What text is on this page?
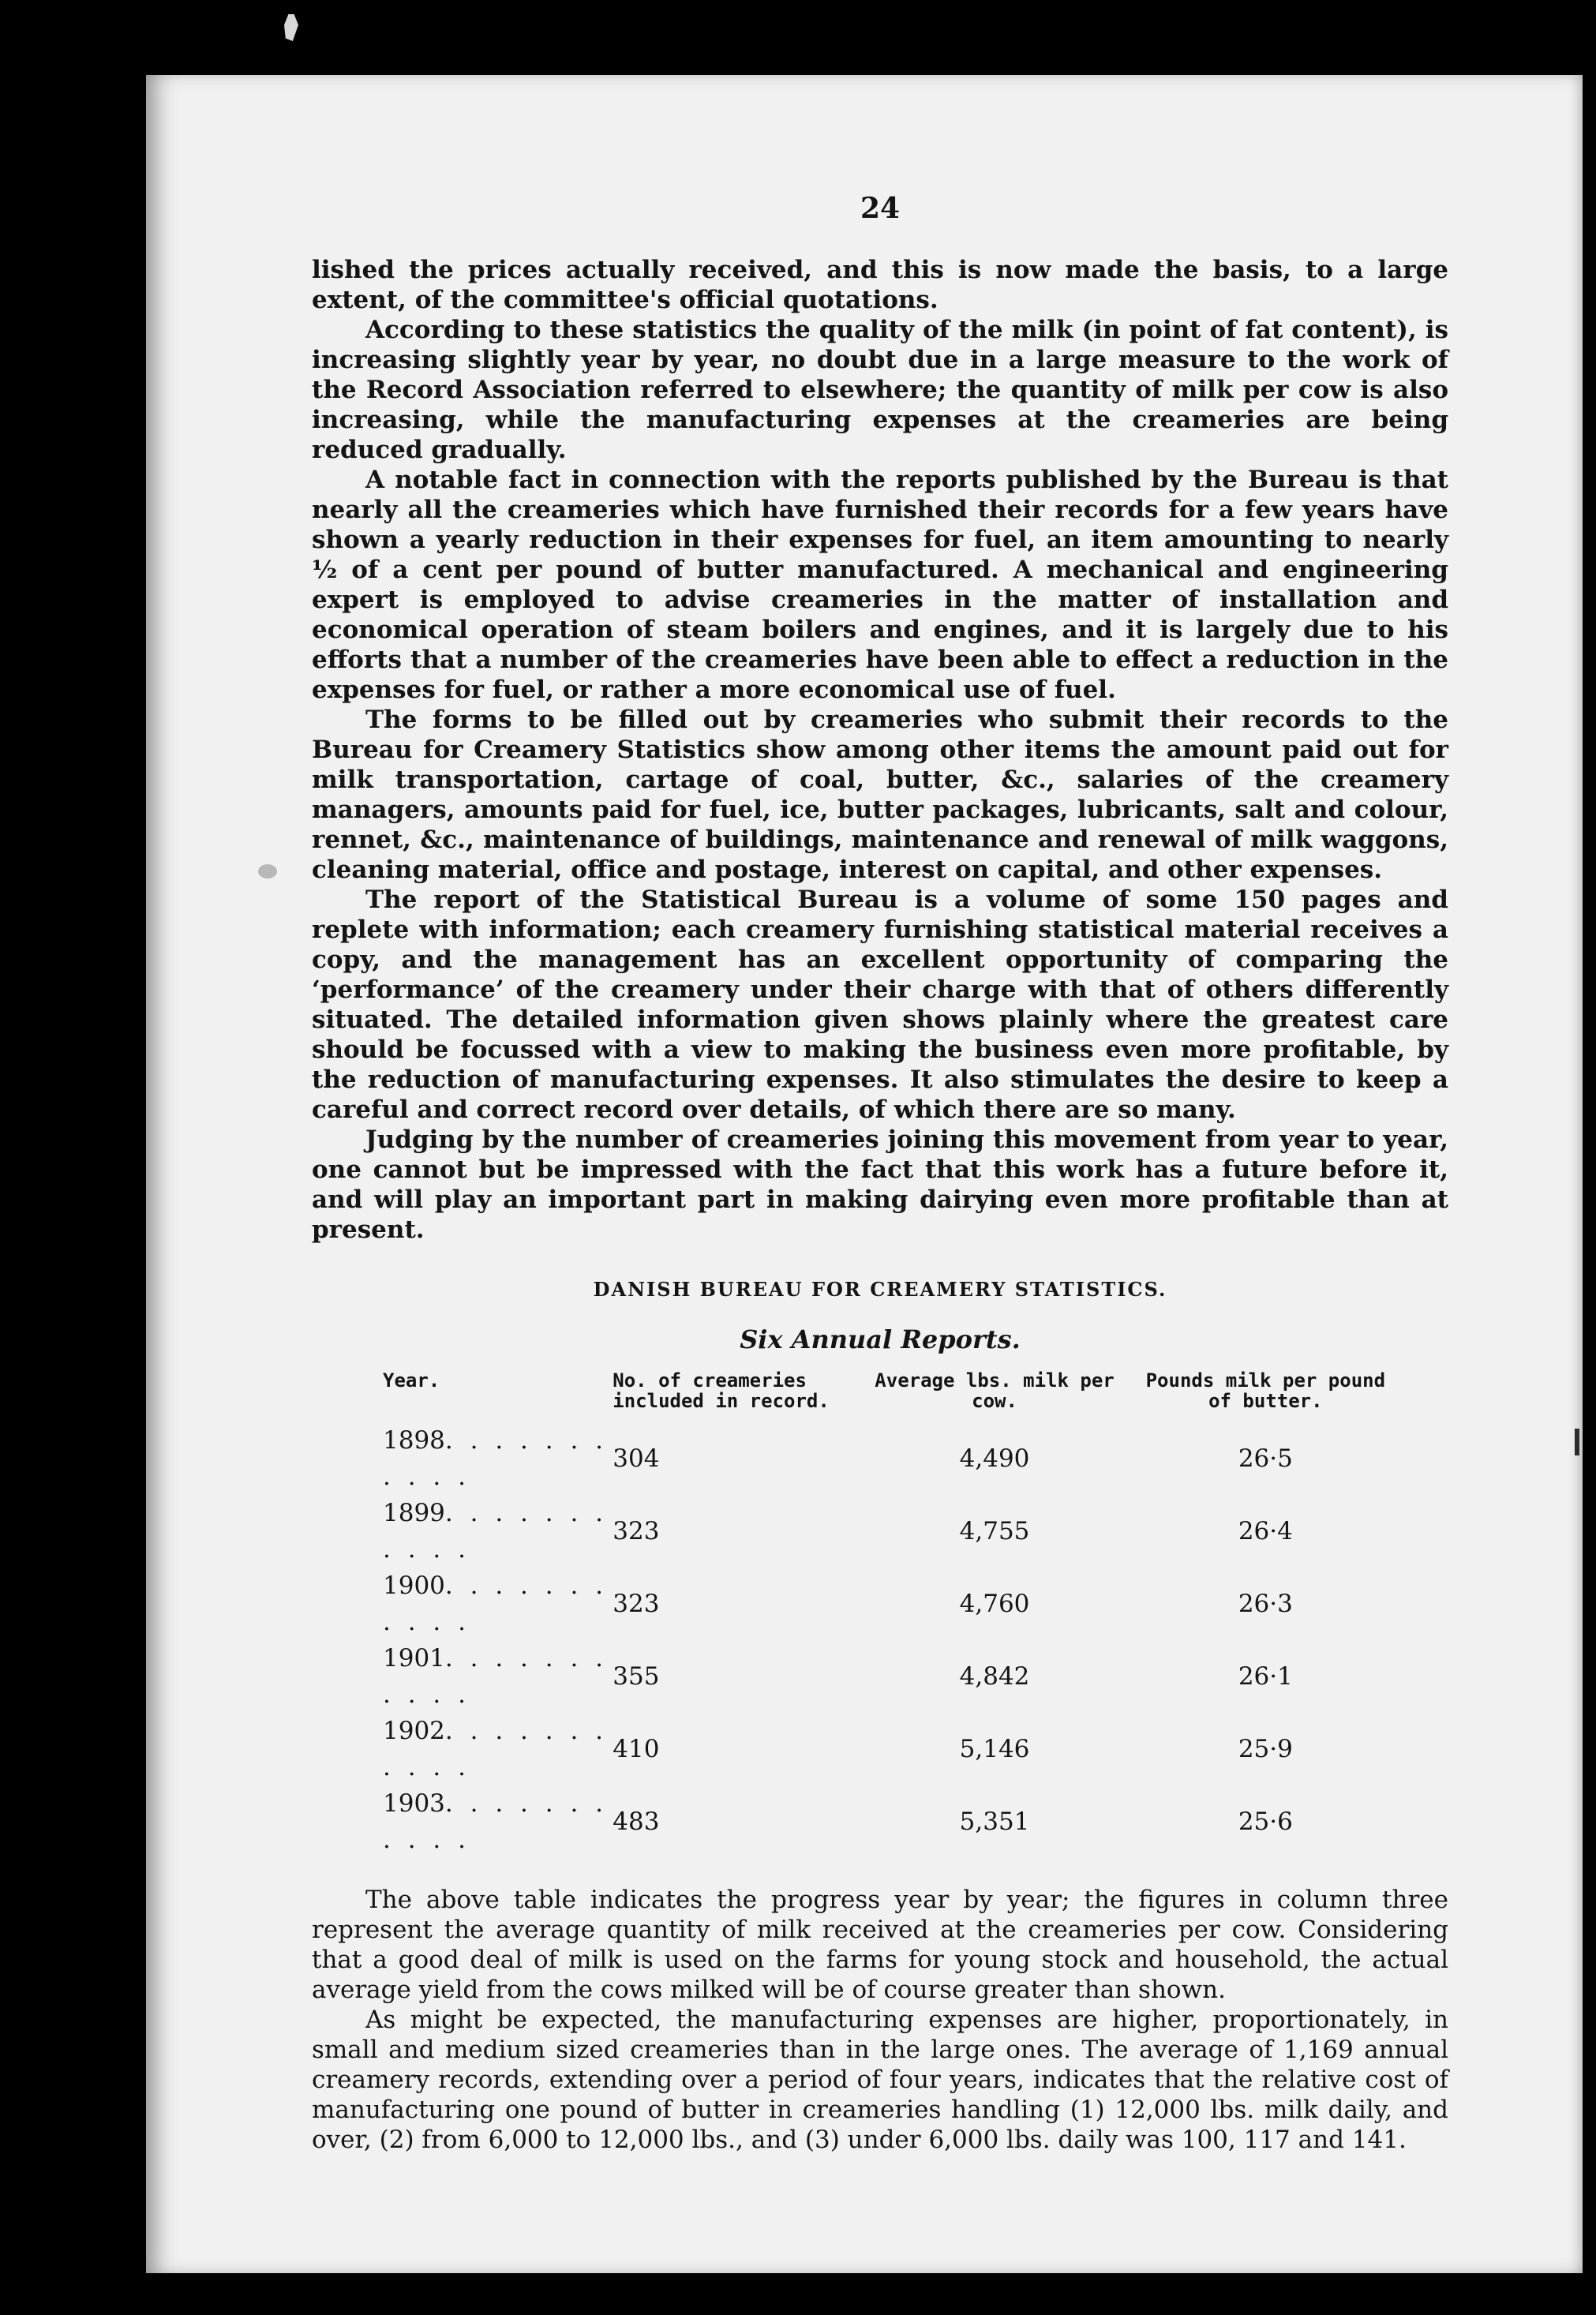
24

lished the prices actually received, and this is now made the basis, to a large extent, of the committee's official quotations.

According to these statistics the quality of the milk (in point of fat content), is increasing slightly year by year, no doubt due in a large measure to the work of the Record Association referred to elsewhere; the quantity of milk per cow is also increasing, while the manufacturing expenses at the creameries are being reduced gradually.

A notable fact in connection with the reports published by the Bureau is that nearly all the creameries which have furnished their records for a few years have shown a yearly reduction in their expenses for fuel, an item amounting to nearly ½ of a cent per pound of butter manufactured. A mechanical and engineering expert is employed to advise creameries in the matter of installation and economical operation of steam boilers and engines, and it is largely due to his efforts that a number of the creameries have been able to effect a reduction in the expenses for fuel, or rather a more economical use of fuel.

The forms to be filled out by creameries who submit their records to the Bureau for Creamery Statistics show among other items the amount paid out for milk transportation, cartage of coal, butter, &c., salaries of the creamery managers, amounts paid for fuel, ice, butter packages, lubricants, salt and colour, rennet, &c., maintenance of buildings, maintenance and renewal of milk waggons, cleaning material, office and postage, interest on capital, and other expenses.

The report of the Statistical Bureau is a volume of some 150 pages and replete with information; each creamery furnishing statistical material receives a copy, and the management has an excellent opportunity of comparing the ‘performance’ of the creamery under their charge with that of others differently situated. The detailed information given shows plainly where the greatest care should be focussed with a view to making the business even more profitable, by the reduction of manufacturing expenses. It also stimulates the desire to keep a careful and correct record over details, of which there are so many.

Judging by the number of creameries joining this movement from year to year, one cannot but be impressed with the fact that this work has a future before it, and will play an important part in making dairying even more profitable than at present.

DANISH BUREAU FOR CREAMERY STATISTICS.
Six Annual Reports.
Year.	No. of creameries included in record.	Average lbs. milk per cow.	Pounds milk per pound of butter.
1898. . . . . . . . . . .	304	4,490	26·5
1899. . . . . . . . . . .	323	4,755	26·4
1900. . . . . . . . . . .	323	4,760	26·3
1901. . . . . . . . . . .	355	4,842	26·1
1902. . . . . . . . . . .	410	5,146	25·9
1903. . . . . . . . . . .	483	5,351	25·6

The above table indicates the progress year by year; the figures in column three represent the average quantity of milk received at the creameries per cow. Considering that a good deal of milk is used on the farms for young stock and household, the actual average yield from the cows milked will be of course greater than shown.

As might be expected, the manufacturing expenses are higher, proportionately, in small and medium sized creameries than in the large ones. The average of 1,169 annual creamery records, extending over a period of four years, indicates that the relative cost of manufacturing one pound of butter in creameries handling (1) 12,000 lbs. milk daily, and over, (2) from 6,000 to 12,000 lbs., and (3) under 6,000 lbs. daily was 100, 117 and 141.
